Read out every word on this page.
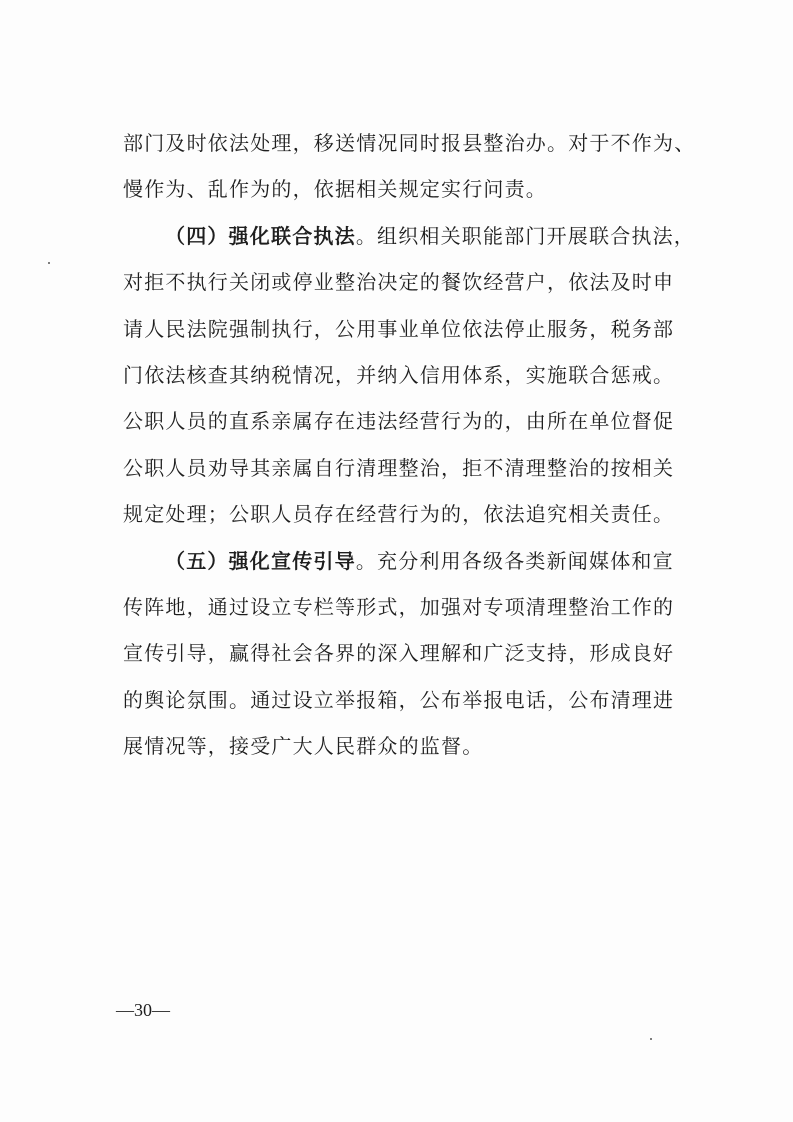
部门及时依法处理，移送情况同时报县整治办。对于不作为、
慢作为、乱作为的，依据相关规定实行问责。
（四）强化联合执法。组织相关职能部门开展联合执法，
对拒不执行关闭或停业整治决定的餐饮经营户，依法及时申
请人民法院强制执行，公用事业单位依法停止服务，税务部
门依法核查其纳税情况，并纳入信用体系，实施联合惩戒。
公职人员的直系亲属存在违法经营行为的，由所在单位督促
公职人员劝导其亲属自行清理整治，拒不清理整治的按相关
规定处理；公职人员存在经营行为的，依法追究相关责任。
（五）强化宣传引导。充分利用各级各类新闻媒体和宣
传阵地，通过设立专栏等形式，加强对专项清理整治工作的
宣传引导，赢得社会各界的深入理解和广泛支持，形成良好
的舆论氛围。通过设立举报箱，公布举报电话，公布清理进
展情况等，接受广大人民群众的监督。
—30—
